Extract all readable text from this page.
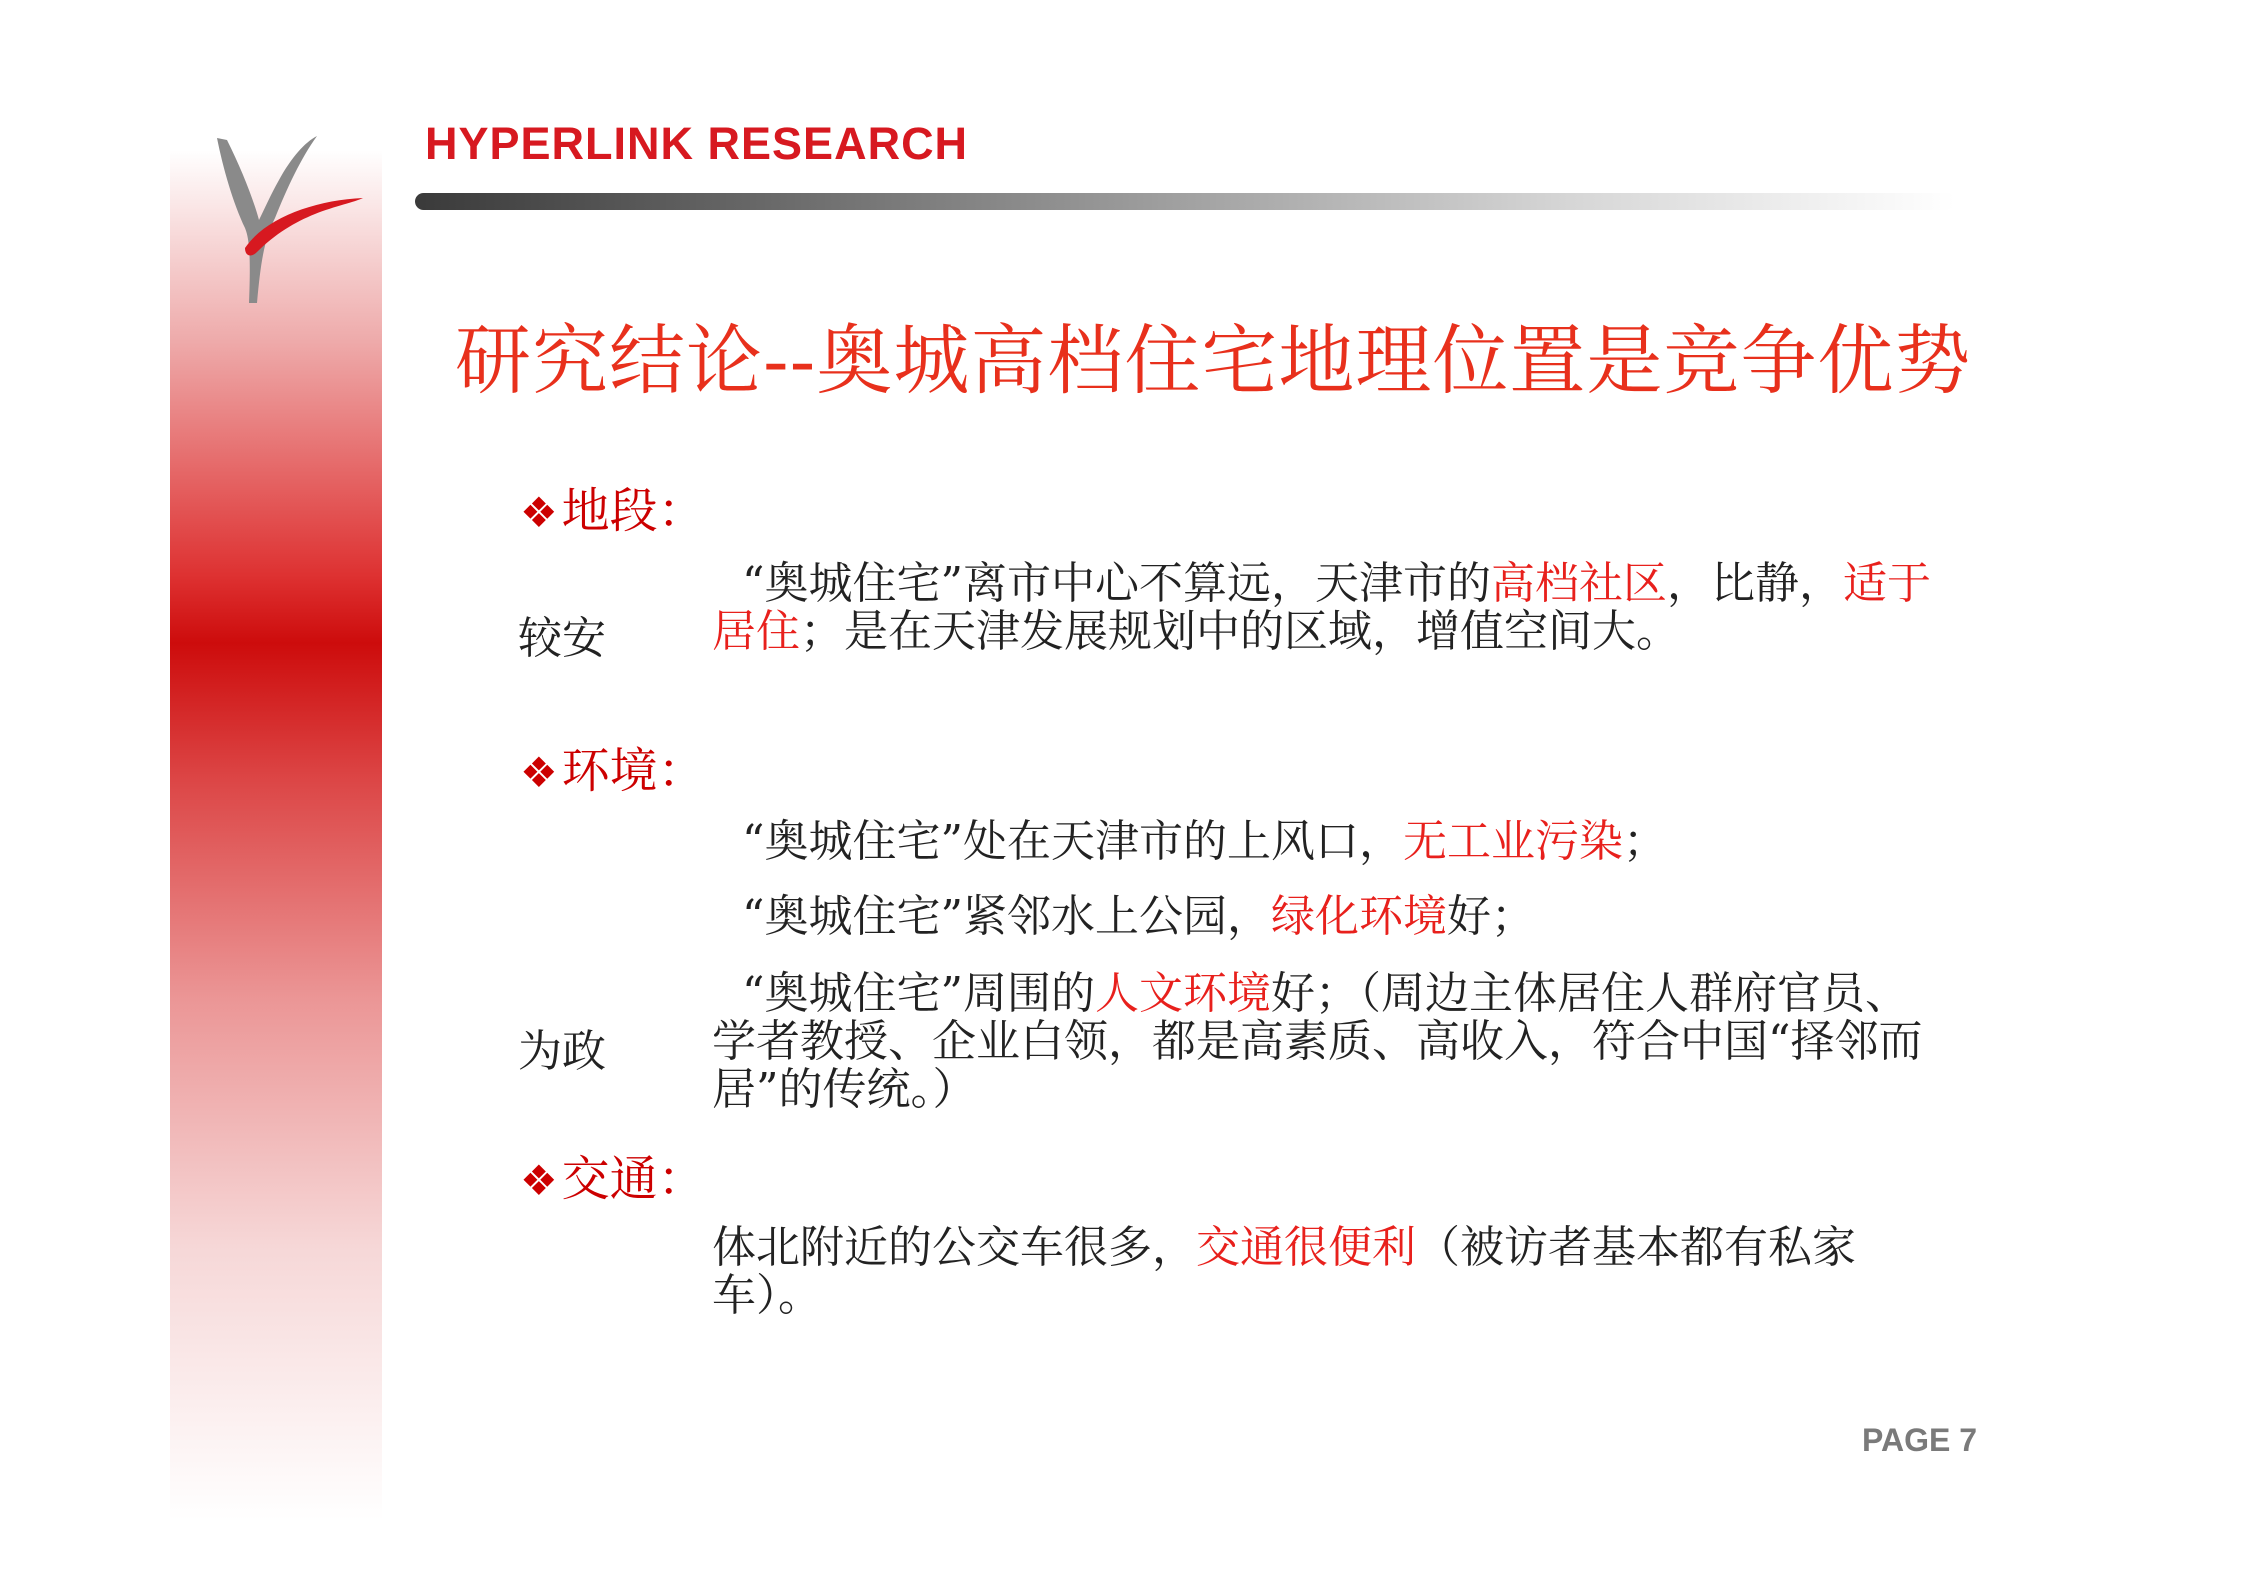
HYPERLINK RESEARCH
研究结论--奥城高档住宅地理位置是竞争优势
❖地段：
较安
“奥城住宅”离市中心不算远，天津市的高档社区，比静，适于居住；是在天津发展规划中的区域，增值空间大。
❖环境：
“奥城住宅”处在天津市的上风口，无工业污染；
“奥城住宅”紧邻水上公园，绿化环境好；
为政
“奥城住宅”周围的人文环境好；（周边主体居住人群府官员、学者教授、企业白领，都是高素质、高收入，符合中国“择邻而居”的传统。）
❖交通：
体北附近的公交车很多，交通很便利（被访者基本都有私家车）。
PAGE 7
